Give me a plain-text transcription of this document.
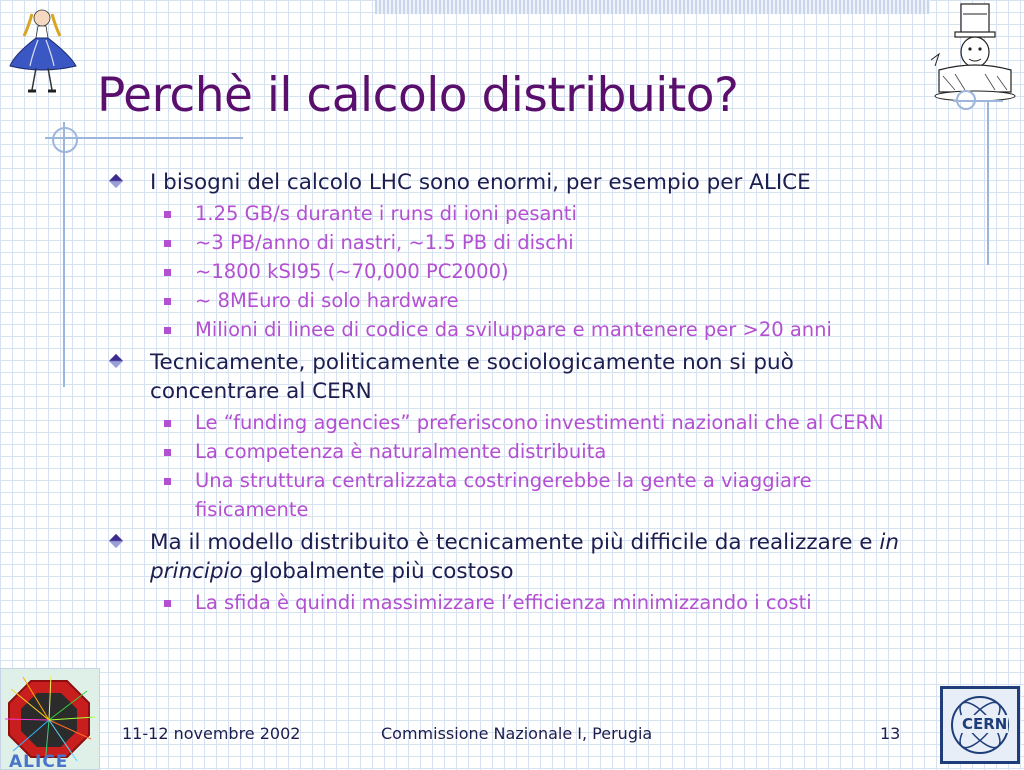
Perchè il calcolo distribuito?
I bisogni del calcolo LHC sono enormi, per esempio per ALICE
1.25 GB/s durante i runs di ioni pesanti
~3 PB/anno di nastri, ~1.5 PB di dischi
~1800 kSI95 (~70,000 PC2000)
~ 8MEuro di solo hardware
Milioni di linee di codice da sviluppare e mantenere per >20 anni
Tecnicamente, politicamente e sociologicamente non si può concentrare al CERN
Le “funding agencies” preferiscono investimenti nazionali che al CERN
La competenza è naturalmente distribuita
Una struttura centralizzata costringerebbe la gente a viaggiare fisicamente
Ma il modello distribuito è tecnicamente più difficile da realizzare e in principio globalmente più costoso
La sfida è quindi massimizzare l’efficienza minimizzando i costi
ALICE
11-12 novembre 2002	Commissione Nazionale I, Perugia	13	CERN
